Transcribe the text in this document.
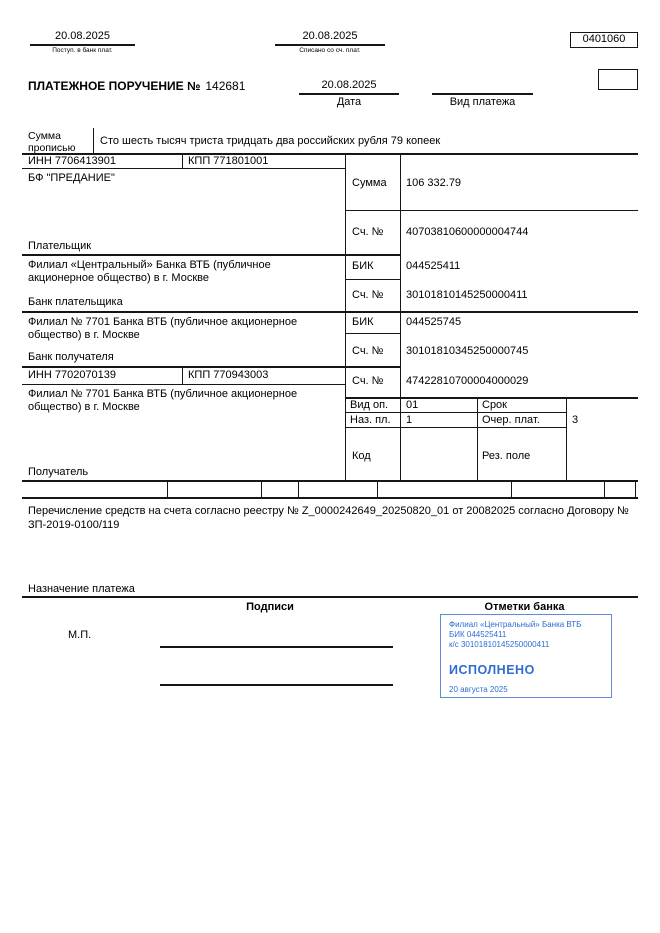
20.08.2025
Поступ. в банк плат.
20.08.2025
Списано со сч. плат.
0401060
ПЛАТЕЖНОЕ ПОРУЧЕНИЕ № 142681	20.08.2025
Дата	Вид платежа
Сумма прописью
Сто шесть тысяч триста тридцать два российских рубля 79 копеек
ИНН 7706413901	КПП 771801001
БФ "ПРЕДАНИЕ"
Плательщик
Филиал «Центральный» Банка ВТБ (публичное акционерное общество) в г. Москве
Банк плательщика
Филиал № 7701 Банка ВТБ (публичное акционерное общество) в г. Москве
Банк получателя
ИНН 7702070139	КПП 770943003
Филиал № 7701 Банка ВТБ (публичное акционерное общество) в г. Москве
Получатель
Сумма 106 332.79
Сч. № 40703810600000004744
БИК	044525411
Сч. № 30101810145250000411
БИК	044525745
Сч. № 30101810345250000745
Сч. № 47422810700004000029
Вид оп. 01	Срок
Наз. пл. 1	Очер. плат.	3
Код	Рез. поле
Перечисление средств на счета согласно реестру № Z_0000242649_20250820_01 от 20082025 согласно Договору № ЗП-2019-0100/119
Назначение платежа
Подписи	Отметки банка
М.П.
Филиал «Центральный» Банка ВТБ
БИК 044525411
к/с 30101810145250000411
ИСПОЛНЕНО
20 августа 2025
